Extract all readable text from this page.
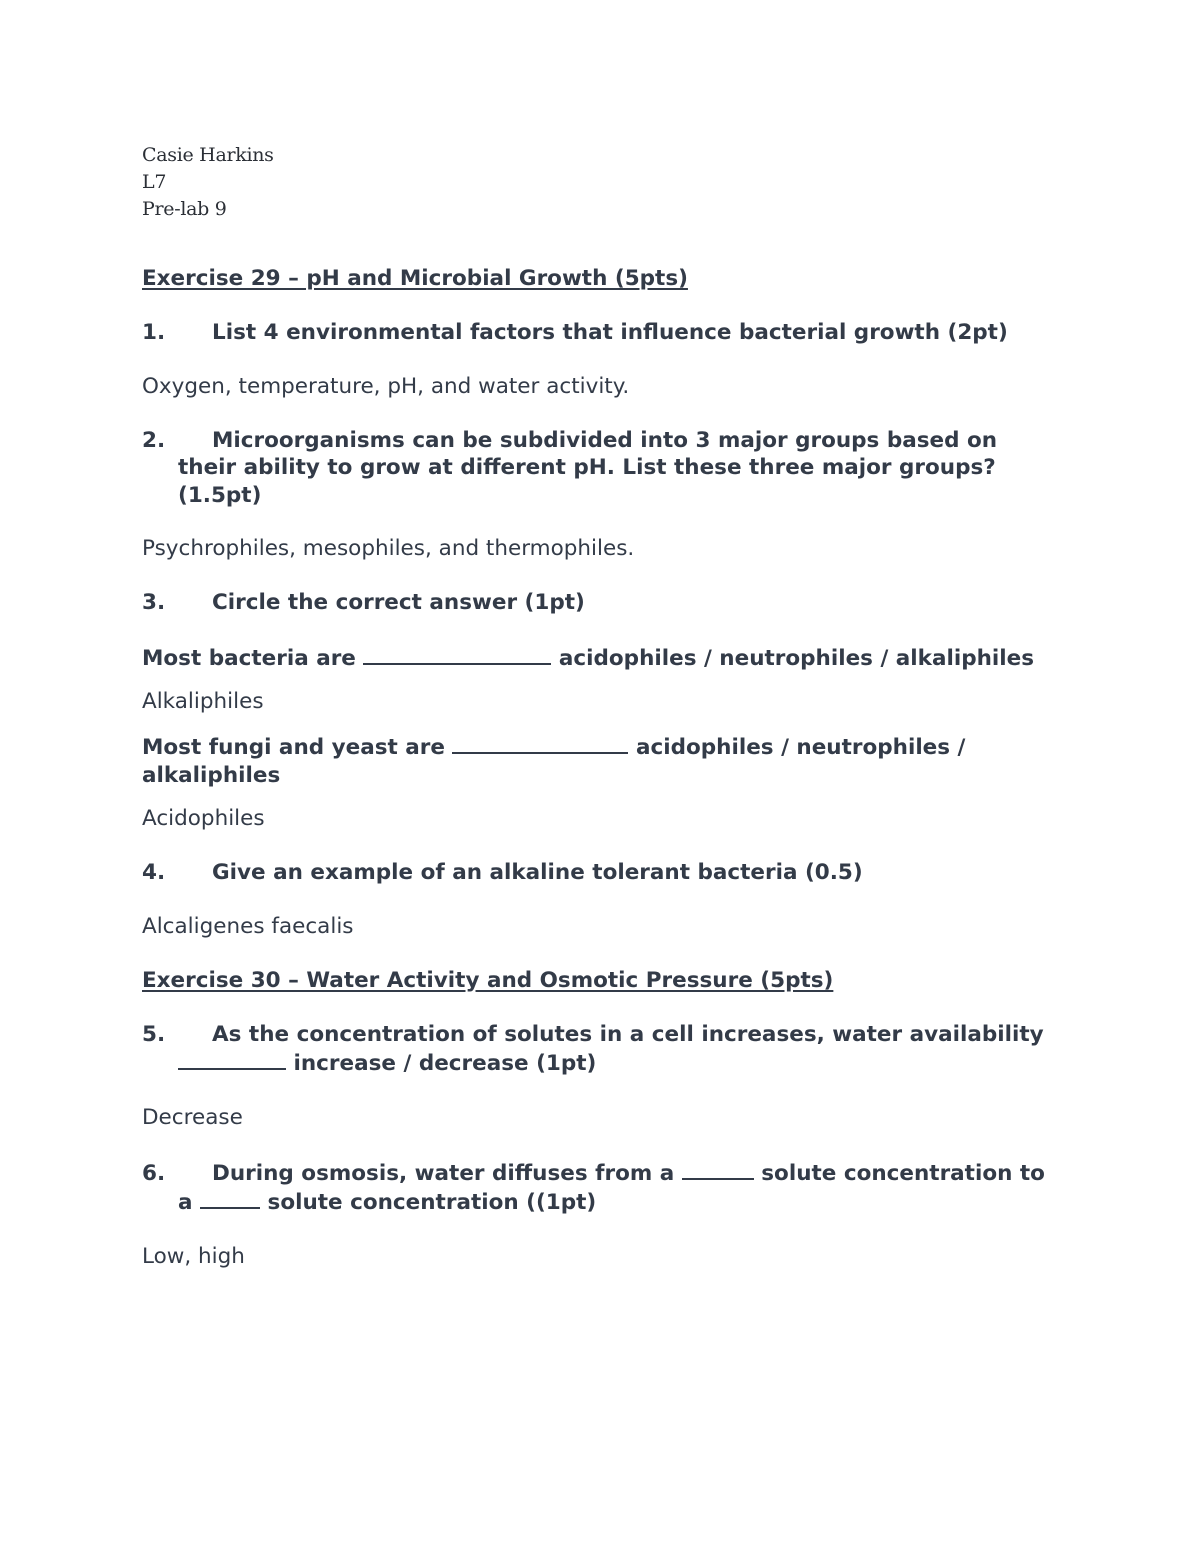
Casie Harkins
L7
Pre-lab 9
Exercise 29 – pH and Microbial Growth (5pts)
1. List 4 environmental factors that influence bacterial growth (2pt)
Oxygen, temperature, pH, and water activity.
2. Microorganisms can be subdivided into 3 major groups based on their ability to grow at different pH. List these three major groups? (1.5pt)
Psychrophiles, mesophiles, and thermophiles.
3. Circle the correct answer (1pt)
Most bacteria are	acidophiles / neutrophiles / alkaliphiles
Alkaliphiles
Most fungi and yeast are	acidophiles / neutrophiles / alkaliphiles
Acidophiles
4. Give an example of an alkaline tolerant bacteria (0.5)
Alcaligenes faecalis
Exercise 30 – Water Activity and Osmotic Pressure (5pts)
5. As the concentration of solutes in a cell increases, water availability  increase / decrease (1pt)
Decrease
6. During osmosis, water diffuses from a	solute concentration to a	solute concentration ((1pt)
Low, high
